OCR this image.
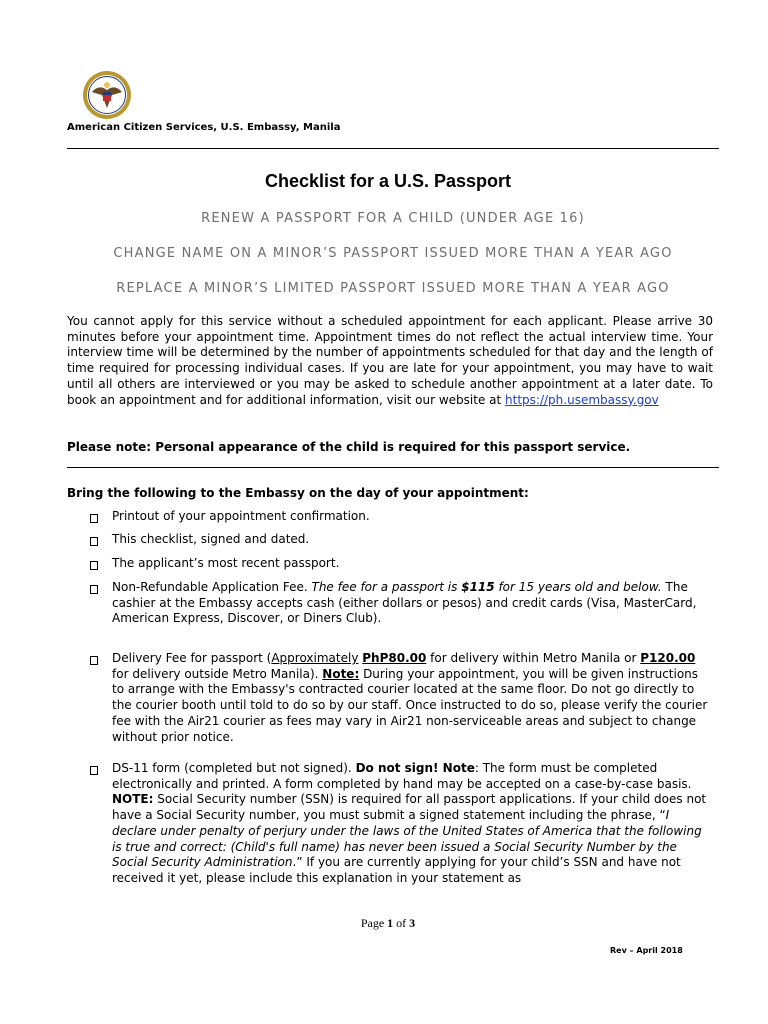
American Citizen Services, U.S. Embassy, Manila
Checklist for a U.S. Passport
RENEW A PASSPORT FOR A CHILD (UNDER AGE 16)
CHANGE NAME ON A MINOR’S PASSPORT ISSUED MORE THAN A YEAR AGO
REPLACE A MINOR’S LIMITED PASSPORT ISSUED MORE THAN A YEAR AGO
You cannot apply for this service without a scheduled appointment for each applicant. Please arrive 30 minutes before your appointment time. Appointment times do not reflect the actual interview time. Your interview time will be determined by the number of appointments scheduled for that day and the length of time required for processing individual cases. If you are late for your appointment, you may have to wait until all others are interviewed or you may be asked to schedule another appointment at a later date. To book an appointment and for additional information, visit our website at https://ph.usembassy.gov
Please note: Personal appearance of the child is required for this passport service.
Bring the following to the Embassy on the day of your appointment:
Printout of your appointment confirmation.
This checklist, signed and dated.
The applicant’s most recent passport.
Non-Refundable Application Fee. The fee for a passport is $115 for 15 years old and below. The cashier at the Embassy accepts cash (either dollars or pesos) and credit cards (Visa, MasterCard, American Express, Discover, or Diners Club).
Delivery Fee for passport (Approximately PhP80.00 for delivery within Metro Manila or P120.00 for delivery outside Metro Manila). Note: During your appointment, you will be given instructions to arrange with the Embassy's contracted courier located at the same floor. Do not go directly to the courier booth until told to do so by our staff. Once instructed to do so, please verify the courier fee with the Air21 courier as fees may vary in Air21 non-serviceable areas and subject to change without prior notice.
DS-11 form (completed but not signed). Do not sign! Note: The form must be completed electronically and printed. A form completed by hand may be accepted on a case-by-case basis. NOTE: Social Security number (SSN) is required for all passport applications. If your child does not have a Social Security number, you must submit a signed statement including the phrase, “I declare under penalty of perjury under the laws of the United States of America that the following is true and correct: (Child's full name) has never been issued a Social Security Number by the Social Security Administration.” If you are currently applying for your child’s SSN and have not received it yet, please include this explanation in your statement as
Page 1 of 3
Rev – April 2018
